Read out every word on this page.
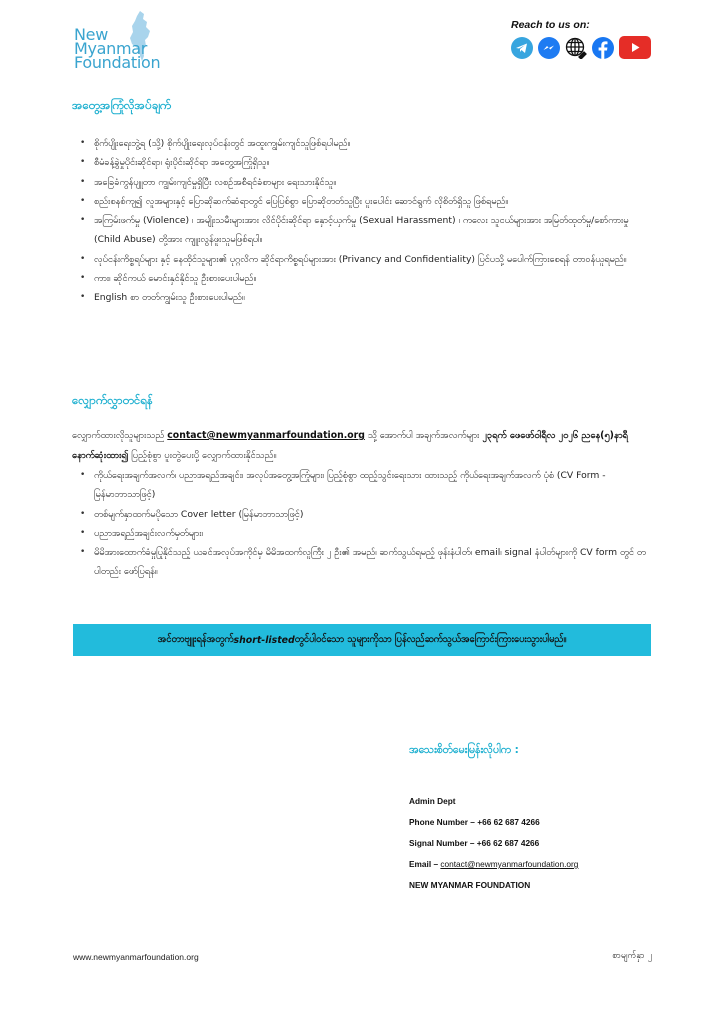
New
Myanmar
Foundation
Reach to us on:
အတွေ့အကြုံလိုအပ်ချက်
• စိုက်ပျိုးရေးဘွဲ့ရ (သို့) စိုက်ပျိုးရေးလုပ်ငန်းတွင် အထူးကျွမ်းကျင်သူဖြစ်ရပါမည်။
• စီမံခန့်ခွဲမှုပိုင်းဆိုင်ရာ၊ ရုံးပိုင်းဆိုင်ရာ အတွေ့အကြုံရှိသူ။
• အခြေခံကွန်ပျူတာ ကျွမ်းကျင်မှုရှိပြီး လစဉ်အစီရင်ခံစာများ ရေးသားနိုင်သူ။
• စည်းစနစ်ကျ၍ လူအများနှင့် ပြောဆိုဆက်ဆံရာတွင် ပြေပြစ်စွာ ပြောဆိုတတ်သူပြီး ပူးပေါင်း ဆောင်ရွက် လိုစိတ်ရှိသူ ဖြစ်ရမည်။
• အကြမ်းဖက်မှု (Violence) ၊ အမျိုးသမီးများအား လိင်ပိုင်းဆိုင်ရာ နှောင့်ယှက်မှု (Sexual Harassment) ၊ ကလေး သူငယ်များအား အမြတ်ထုတ်မှု/စော်ကားမှု (Child Abuse) တို့အား ကျူးလွန်ဖူးသူမဖြစ်ရပါ။
• လုပ်ငန်းကိစ္စရပ်များ နှင့် နေထိုင်သူများ၏ ပုဂ္ဂလိက ဆိုင်ရာကိစ္စရပ်များအား (Privancy and Confidentiality) ပြင်ပသို့ မပေါက်ကြားစေရန် တာဝန်ယူရမည်။
• ကား၊ ဆိုင်ကယ် မောင်းနှင်နိုင်သူ ဦးစားပေးပါမည်။
• English စာ တတ်ကျွမ်းသူ ဦးစားပေးပါမည်။
လျှောက်လွှာတင်ရန်
လျှောက်ထားလိုသူများသည် contact@newmyanmarfoundation.org သို့ အောက်ပါ အချက်အလက်များ ၂၃ရက် ဖေဖော်ဝါရီလ ၂၀၂၆ ညနေ(၅)နာရီ နောက်ဆုံးထား၍ ပြည့်စုံစွာ ပူးတွဲပေးပို့ လျှောက်ထားနိုင်သည်။
• ကိုယ်ရေးအချက်အလက်၊ ပညာအရည်အချင်း၊ အလုပ်အတွေ့အကြုံများ၊ ပြည့်စုံစွာ ထည့်သွင်းရေးသား ထားသည့် ကိုယ်ရေးအချက်အလက် ပုံစံ (CV Form - မြန်မာဘာသာဖြင့်)
• တစ်မျက်နှာထက်မပိုသော Cover letter (မြန်မာဘာသာဖြင့်)
• ပညာအရည်အချင်းလက်မှတ်များ၊
• မိမိအားထောက်ခံမှုပြုနိုင်သည့် ယခင်အလုပ်အကိုင်မှ မိမိအထက်လူကြီး ၂ ဦး၏ အမည်၊ ဆက်သွယ်ရမည့် ဖုန်းနံပါတ်၊ email၊ signal နံပါတ်များကို CV form တွင် တပါတည်း ဖော်ပြရန်။
အင်တာဗျူးရန်အတွက် short-listed တွင်ပါဝင်သော သူများကိုသာ ပြန်လည်ဆက်သွယ်အကြောင်းကြားပေးသွားပါမည်။
အသေးစိတ်မေးမြန်းလိုပါက :
Admin Dept
Phone Number – +66 62 687 4266
Signal Number – +66 62 687 4266
Email – contact@newmyanmarfoundation.org
NEW MYANMAR FOUNDATION
www.newmyanmarfoundation.org	စာမျက်နှာ ၂
